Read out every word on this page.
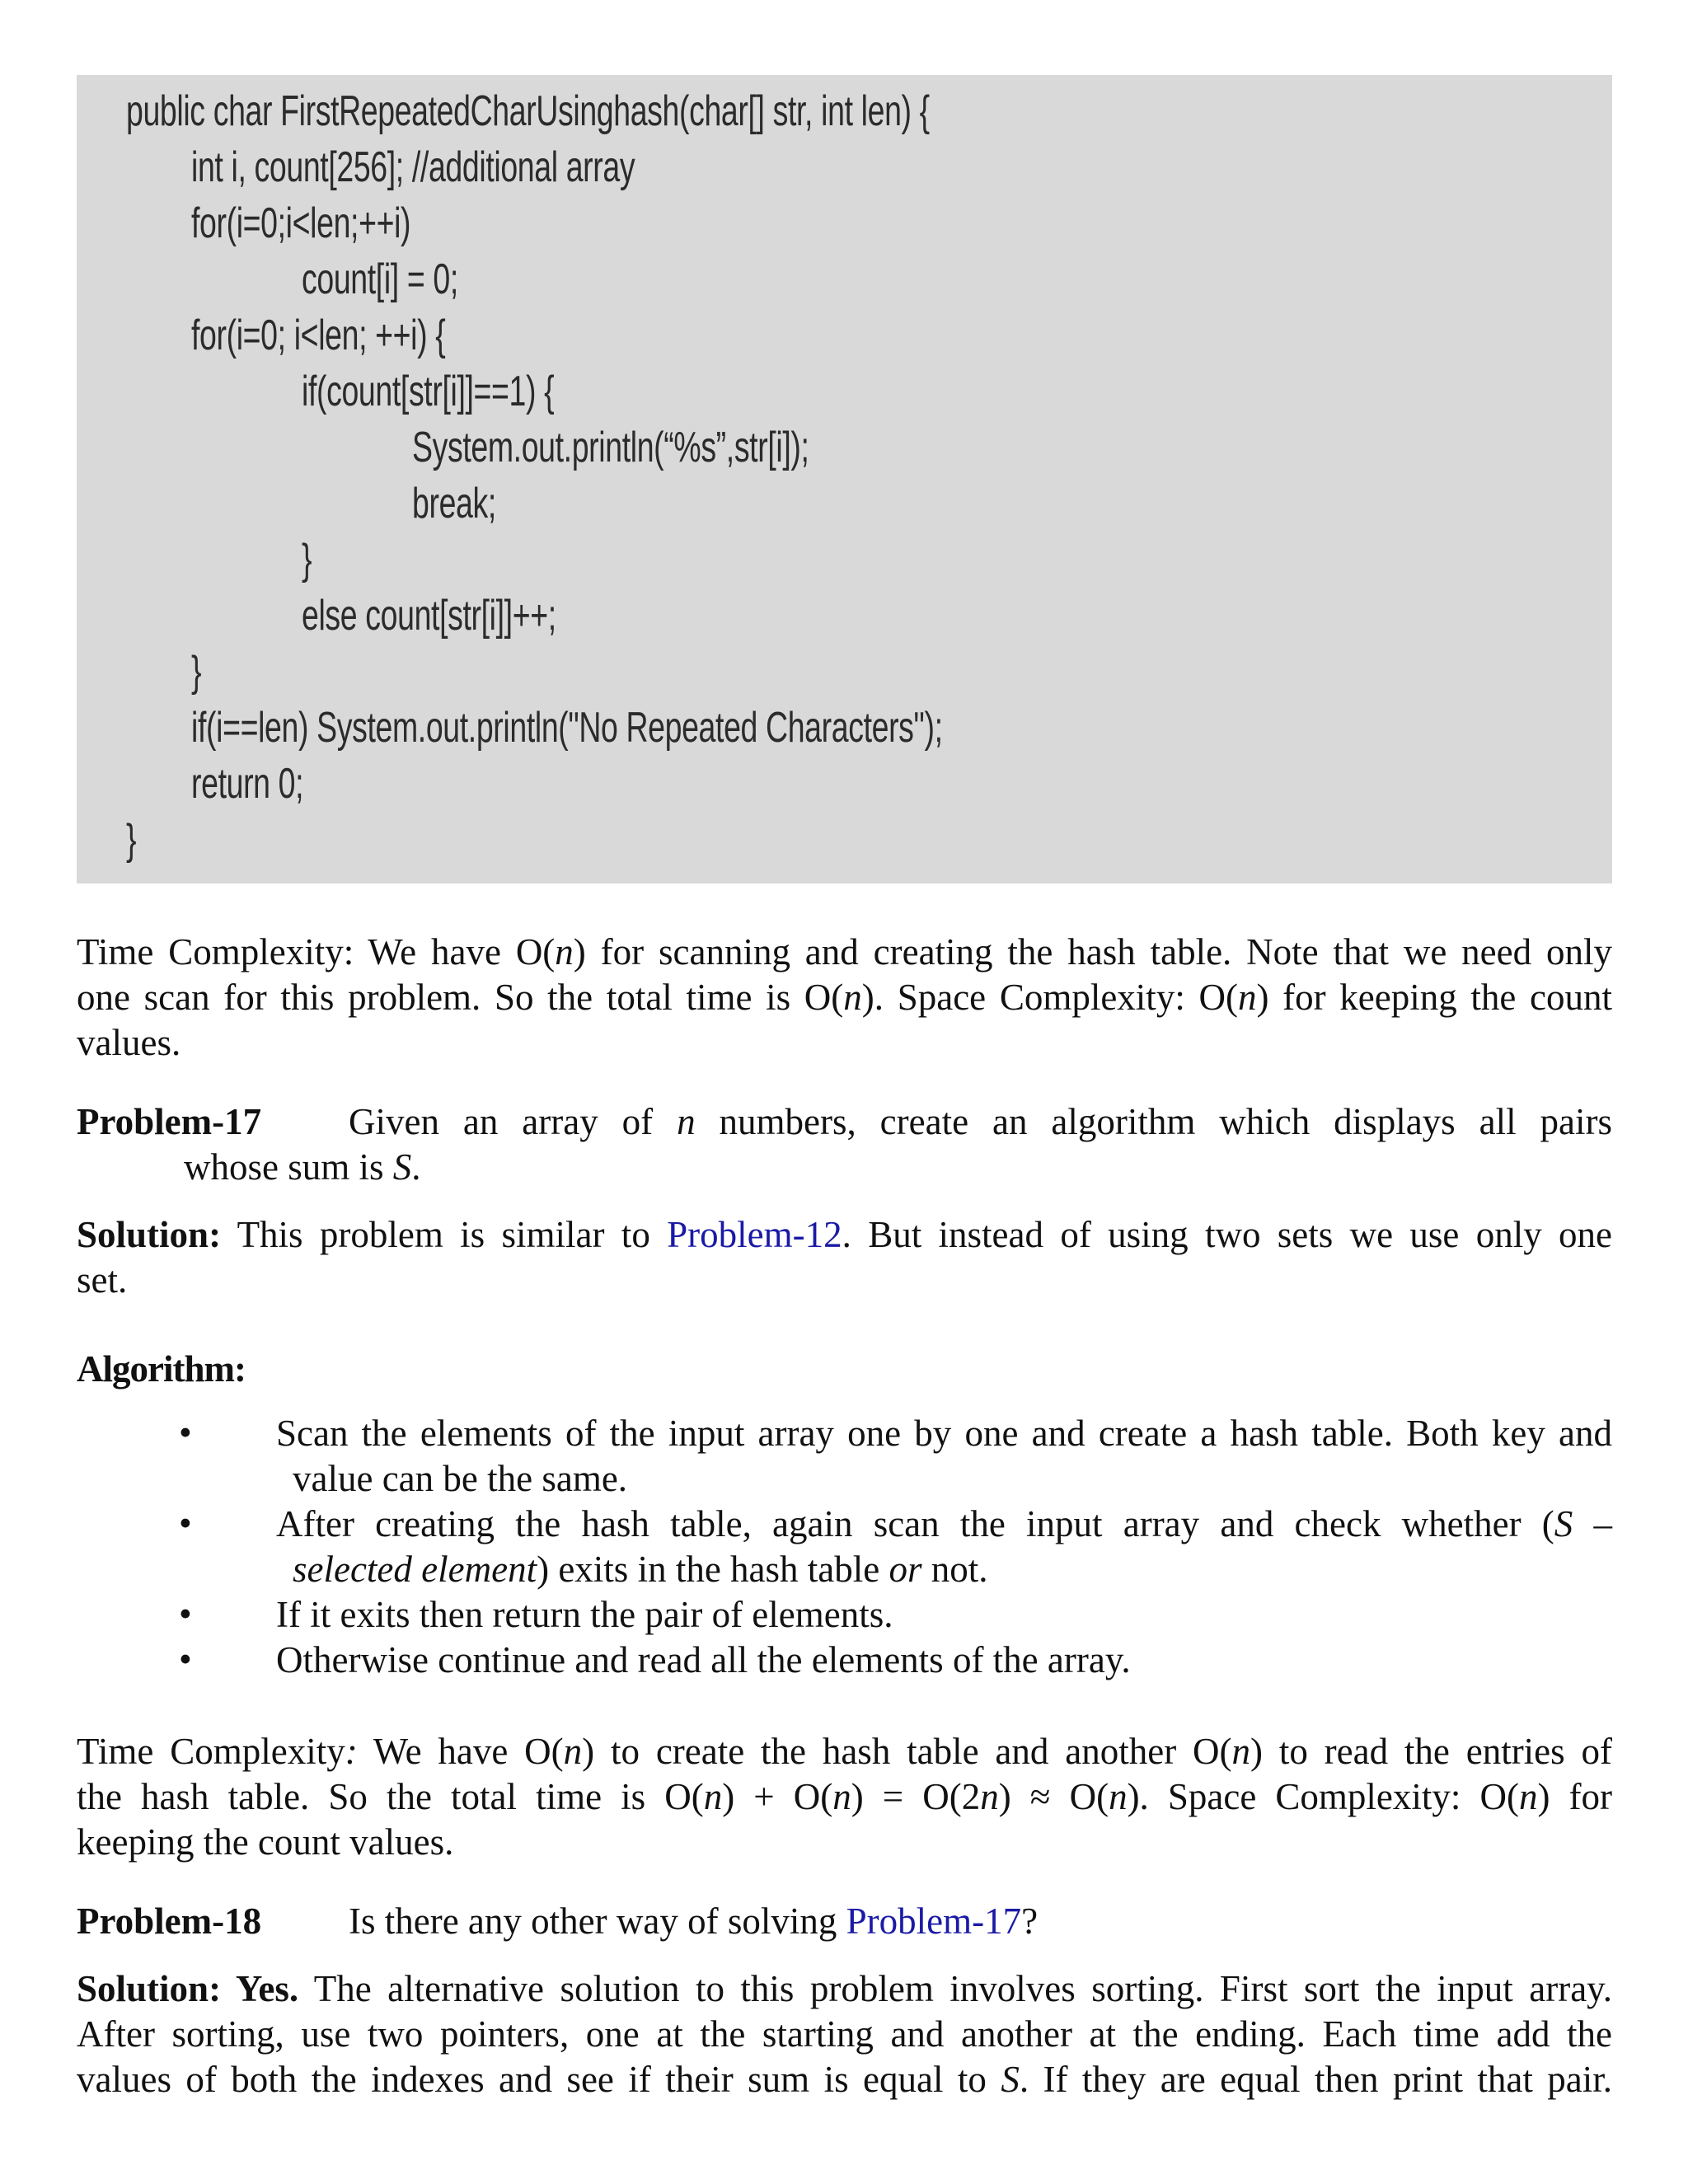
public char FirstRepeatedCharUsinghash(char[] str, int len) {
int i, count[256]; //additional array
for(i=0;i<len;++i)
count[i] = 0;
for(i=0; i<len; ++i) {
if(count[str[i]]==1) {
System.out.println(“%s”,str[i]);
break;
}
else count[str[i]]++;
}
if(i==len) System.out.println("No Repeated Characters");
return 0;
}
Time Complexity: We have O(n) for scanning and creating the hash table. Note that we need only
one scan for this problem. So the total time is O(n). Space Complexity: O(n) for keeping the count
values.
Problem-17 Given an array of n numbers, create an algorithm which displays all pairs
whose sum is S.
Solution: This problem is similar to Problem-12. But instead of using two sets we use only one
set.
Algorithm:
• Scan the elements of the input array one by one and create a hash table. Both key and
value can be the same.
• After creating the hash table, again scan the input array and check whether (S –
selected element) exits in the hash table or not.
• If it exits then return the pair of elements.
• Otherwise continue and read all the elements of the array.
Time Complexity: We have O(n) to create the hash table and another O(n) to read the entries of
the hash table. So the total time is O(n) + O(n) = O(2n) ≈ O(n). Space Complexity: O(n) for
keeping the count values.
Problem-18 Is there any other way of solving Problem-17?
Solution: Yes. The alternative solution to this problem involves sorting. First sort the input array.
After sorting, use two pointers, one at the starting and another at the ending. Each time add the
values of both the indexes and see if their sum is equal to S. If they are equal then print that pair.
